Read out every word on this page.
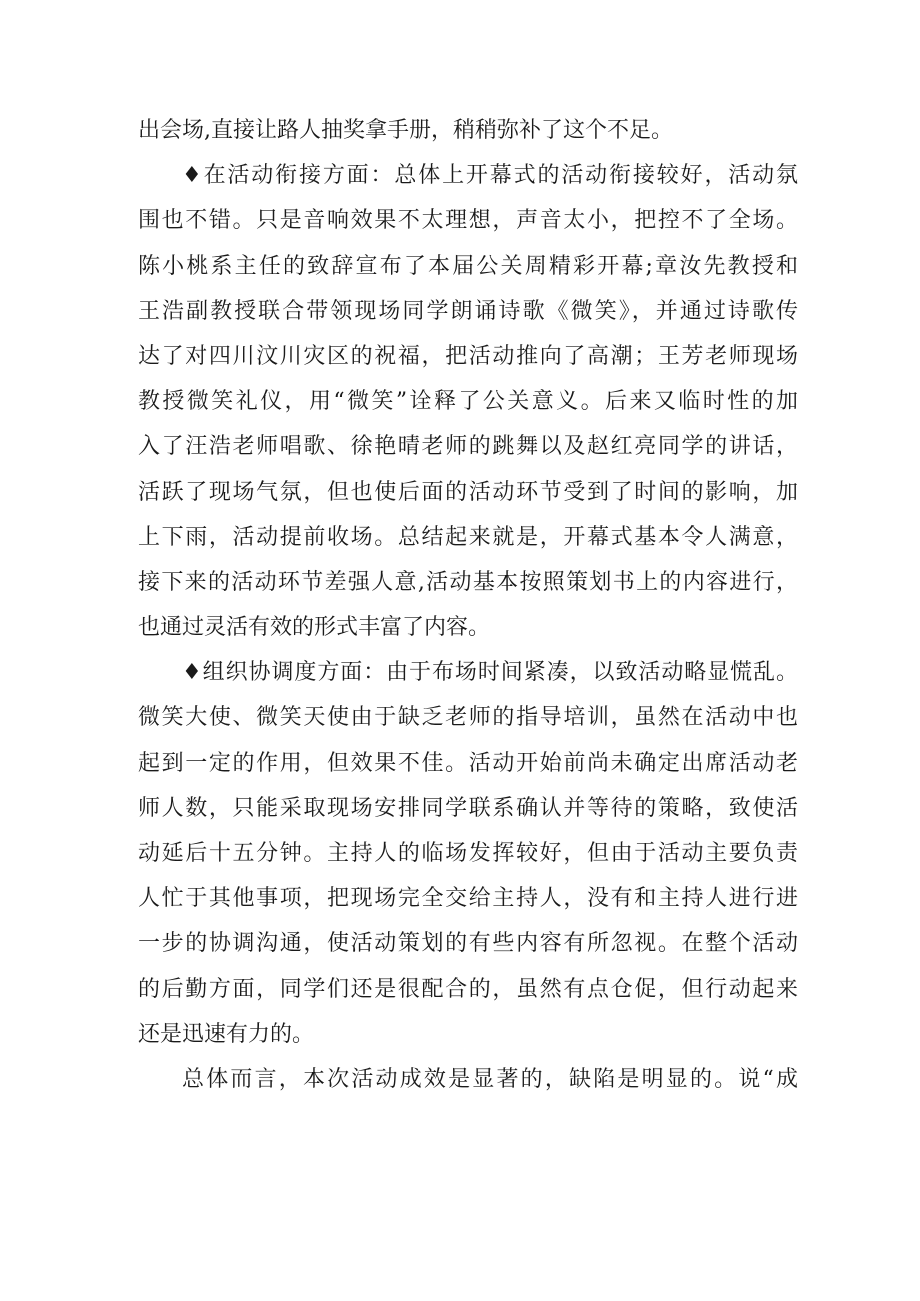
出会场,直接让路人抽奖拿手册，稍稍弥补了这个不足。
♦在活动衔接方面：总体上开幕式的活动衔接较好，活动氛
围也不错。只是音响效果不太理想，声音太小，把控不了全场。
陈小桃系主任的致辞宣布了本届公关周精彩开幕;章汝先教授和
王浩副教授联合带领现场同学朗诵诗歌《微笑》，并通过诗歌传
达了对四川汶川灾区的祝福，把活动推向了高潮；王芳老师现场
教授微笑礼仪，用“微笑”诠释了公关意义。后来又临时性的加
入了汪浩老师唱歌、徐艳晴老师的跳舞以及赵红亮同学的讲话，
活跃了现场气氛，但也使后面的活动环节受到了时间的影响，加
上下雨，活动提前收场。总结起来就是，开幕式基本令人满意，
接下来的活动环节差强人意,活动基本按照策划书上的内容进行，
也通过灵活有效的形式丰富了内容。
♦组织协调度方面：由于布场时间紧凑，以致活动略显慌乱。
微笑大使、微笑天使由于缺乏老师的指导培训，虽然在活动中也
起到一定的作用，但效果不佳。活动开始前尚未确定出席活动老
师人数，只能采取现场安排同学联系确认并等待的策略，致使活
动延后十五分钟。主持人的临场发挥较好，但由于活动主要负责
人忙于其他事项，把现场完全交给主持人，没有和主持人进行进
一步的协调沟通，使活动策划的有些内容有所忽视。在整个活动
的后勤方面，同学们还是很配合的，虽然有点仓促，但行动起来
还是迅速有力的。
总体而言，本次活动成效是显著的，缺陷是明显的。说“成
